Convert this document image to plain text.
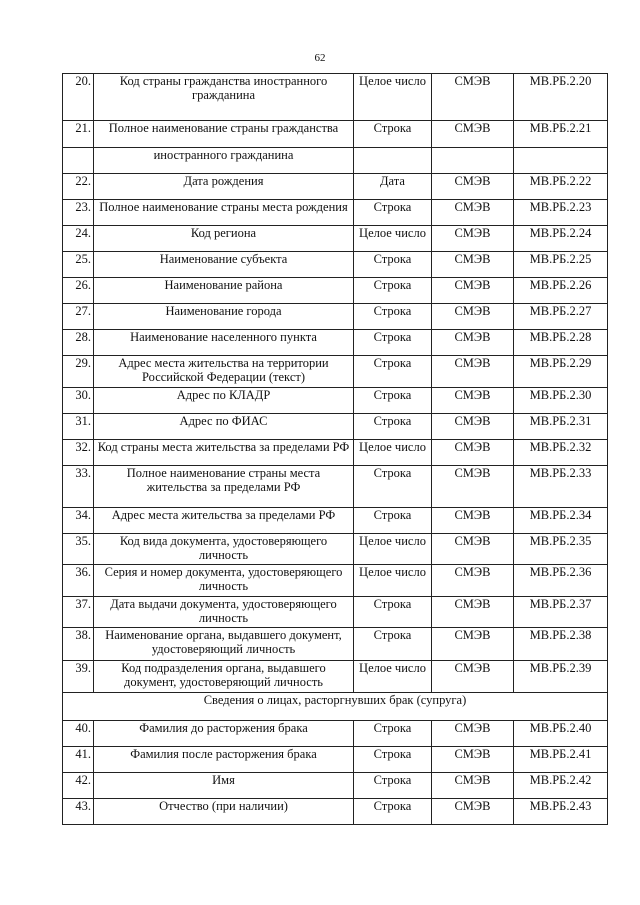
62
20.	Код страны гражданства иностранного гражданина	Целое число	СМЭВ	МВ.РБ.2.20
21.	Полное наименование страны гражданства	Строка	СМЭВ	МВ.РБ.2.21
	иностранного гражданина			
22.	Дата рождения	Дата	СМЭВ	МВ.РБ.2.22
23.	Полное наименование страны места рождения	Строка	СМЭВ	МВ.РБ.2.23
24.	Код региона	Целое число	СМЭВ	МВ.РБ.2.24
25.	Наименование субъекта	Строка	СМЭВ	МВ.РБ.2.25
26.	Наименование района	Строка	СМЭВ	МВ.РБ.2.26
27.	Наименование города	Строка	СМЭВ	МВ.РБ.2.27
28.	Наименование населенного пункта	Строка	СМЭВ	МВ.РБ.2.28
29.	Адрес места жительства на территории Российской Федерации (текст)	Строка	СМЭВ	МВ.РБ.2.29
30.	Адрес по КЛАДР	Строка	СМЭВ	МВ.РБ.2.30
31.	Адрес по ФИАС	Строка	СМЭВ	МВ.РБ.2.31
32.	Код страны места жительства за пределами РФ	Целое число	СМЭВ	МВ.РБ.2.32
33.	Полное наименование страны места жительства за пределами РФ	Строка	СМЭВ	МВ.РБ.2.33
34.	Адрес места жительства за пределами РФ	Строка	СМЭВ	МВ.РБ.2.34
35.	Код вида документа, удостоверяющего личность	Целое число	СМЭВ	МВ.РБ.2.35
36.	Серия и номер документа, удостоверяющего личность	Целое число	СМЭВ	МВ.РБ.2.36
37.	Дата выдачи документа, удостоверяющего личность	Строка	СМЭВ	МВ.РБ.2.37
38.	Наименование органа, выдавшего документ, удостоверяющий личность	Строка	СМЭВ	МВ.РБ.2.38
39.	Код подразделения органа, выдавшего документ, удостоверяющий личность	Целое число	СМЭВ	МВ.РБ.2.39
Сведения о лицах, расторгнувших брак (супруга)				
40.	Фамилия до расторжения брака	Строка	СМЭВ	МВ.РБ.2.40
41.	Фамилия после расторжения брака	Строка	СМЭВ	МВ.РБ.2.41
42.	Имя	Строка	СМЭВ	МВ.РБ.2.42
43.	Отчество (при наличии)	Строка	СМЭВ	МВ.РБ.2.43
